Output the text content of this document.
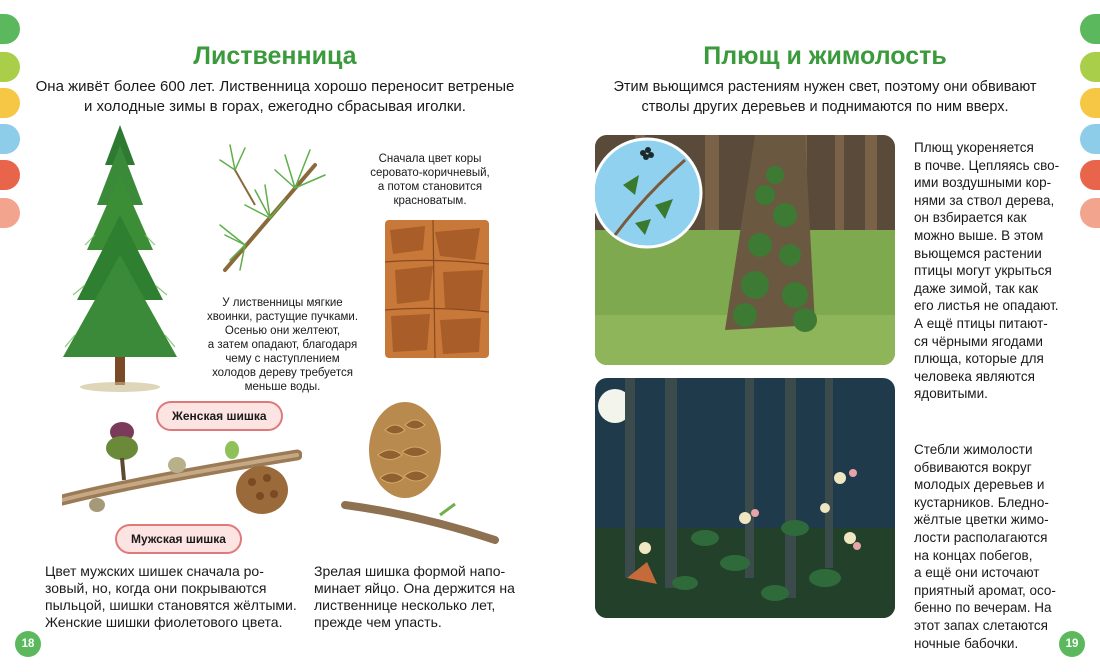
Лиственница
Она живёт более 600 лет. Лиственница хорошо переносит ветреные
и холодные зимы в горах, ежегодно сбрасывая иголки.
Сначала цвет коры
серовато-коричневый,
а потом становится
красноватым.
У лиственницы мягкие
хвоинки, растущие пучками.
Осенью они желтеют,
а затем опадают, благодаря
чему с наступлением
холодов дереву требуется
меньше воды.
Женская шишка
Мужская шишка
Цвет мужских шишек сначала ро-
зовый, но, когда они покрываются
пыльцой, шишки становятся жёлтыми.
Женские шишки фиолетового цвета.
Зрелая шишка формой напо-
минает яйцо. Она держится на
лиственнице несколько лет,
прежде чем упасть.
18
Плющ и жимолость
Этим вьющимся растениям нужен свет, поэтому они обвивают
стволы других деревьев и поднимаются по ним вверх.
Плющ укореняется
в почве. Цепляясь сво-
ими воздушными кор-
нями за ствол дерева,
он взбирается как
можно выше. В этом
вьющемся растении
птицы могут укрыться
даже зимой, так как
его листья не опадают.
А ещё птицы питают-
ся чёрными ягодами
плюща, которые для
человека являются
ядовитыми.
Стебли жимолости
обвиваются вокруг
молодых деревьев и
кустарников. Бледно-
жёлтые цветки жимо-
лости располагаются
на концах побегов,
а ещё они источают
приятный аромат, осо-
бенно по вечерам. На
этот запах слетаются
ночные бабочки.	19
